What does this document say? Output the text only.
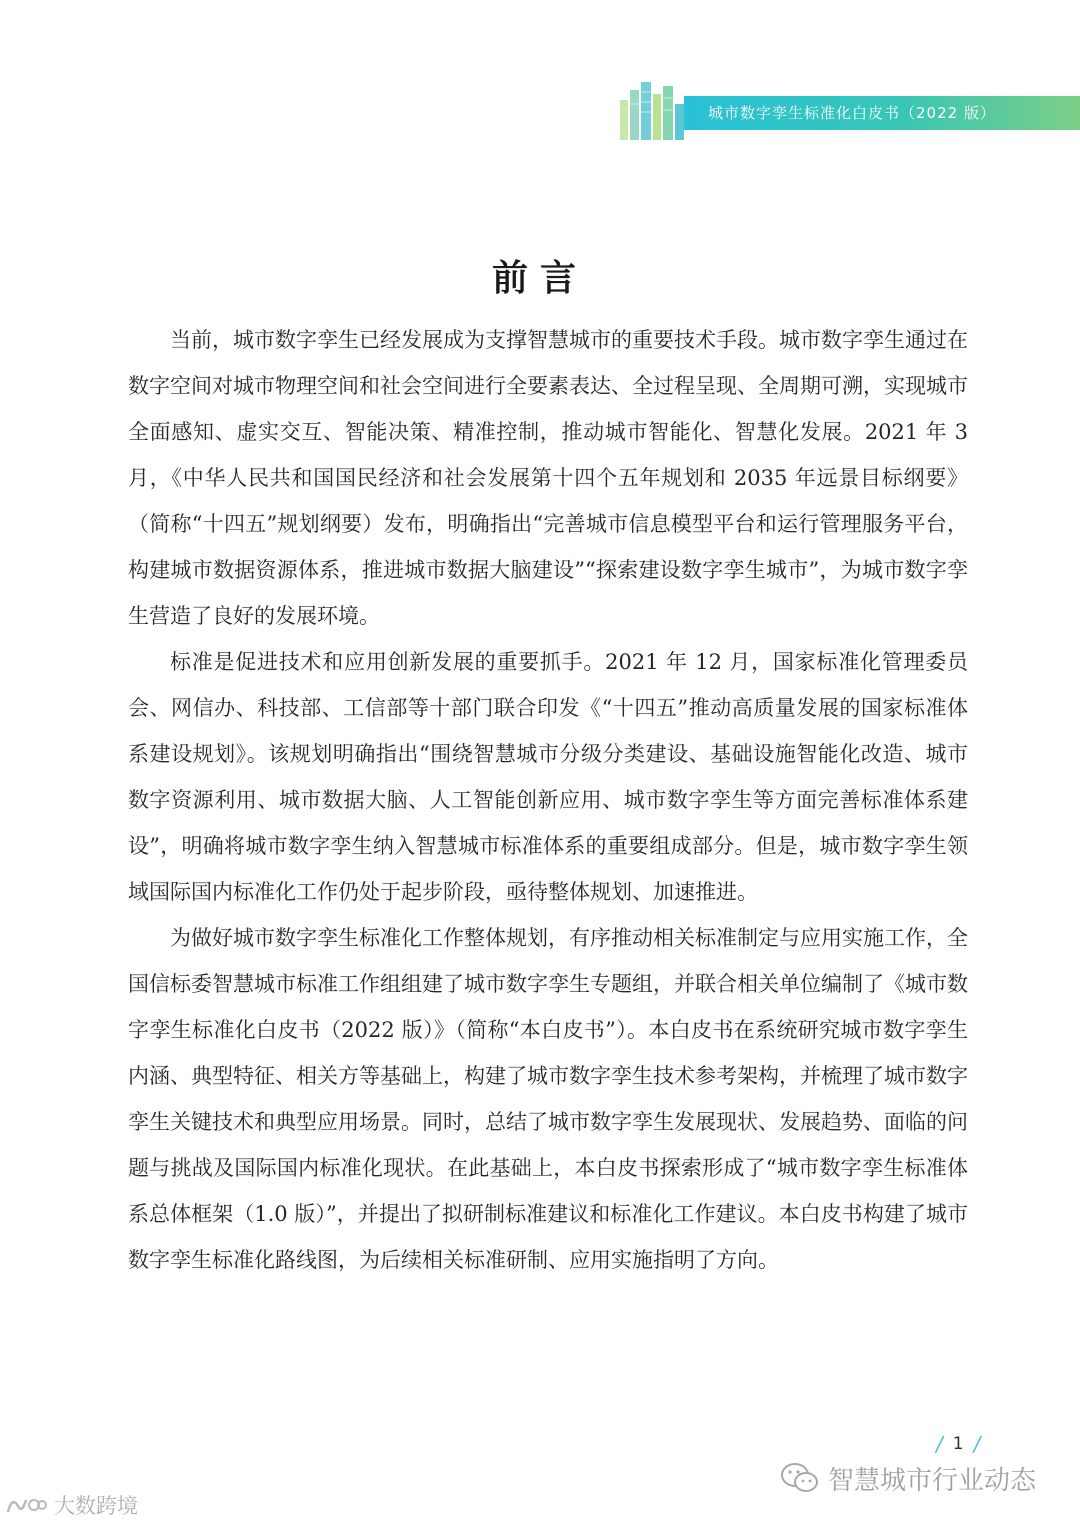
城市数字孪生标准化白皮书（2022 版）
前言

当前，城市数字孪生已经发展成为支撑智慧城市的重要技术手段。城市数字孪生通过在数字空间对城市物理空间和社会空间进行全要素表达、全过程呈现、全周期可溯，实现城市全面感知、虚实交互、智能决策、精准控制，推动城市智能化、智慧化发展。2021 年 3 月，《中华人民共和国国民经济和社会发展第十四个五年规划和 2035 年远景目标纲要》（简称“十四五”规划纲要）发布，明确指出“完善城市信息模型平台和运行管理服务平台，构建城市数据资源体系，推进城市数据大脑建设”“探索建设数字孪生城市”，为城市数字孪生营造了良好的发展环境。

标准是促进技术和应用创新发展的重要抓手。2021 年 12 月，国家标准化管理委员会、网信办、科技部、工信部等十部门联合印发《“十四五”推动高质量发展的国家标准体系建设规划》。该规划明确指出“围绕智慧城市分级分类建设、基础设施智能化改造、城市数字资源利用、城市数据大脑、人工智能创新应用、城市数字孪生等方面完善标准体系建设”，明确将城市数字孪生纳入智慧城市标准体系的重要组成部分。但是，城市数字孪生领域国际国内标准化工作仍处于起步阶段，亟待整体规划、加速推进。

为做好城市数字孪生标准化工作整体规划，有序推动相关标准制定与应用实施工作，全国信标委智慧城市标准工作组组建了城市数字孪生专题组，并联合相关单位编制了《城市数字孪生标准化白皮书（2022 版）》（简称“本白皮书”）。本白皮书在系统研究城市数字孪生内涵、典型特征、相关方等基础上，构建了城市数字孪生技术参考架构，并梳理了城市数字孪生关键技术和典型应用场景。同时，总结了城市数字孪生发展现状、发展趋势、面临的问题与挑战及国际国内标准化现状。在此基础上，本白皮书探索形成了“城市数字孪生标准体系总体框架（1.0 版）”，并提出了拟研制标准建议和标准化工作建议。本白皮书构建了城市数字孪生标准化路线图，为后续相关标准研制、应用实施指明了方向。

/ 1 /
智慧城市行业动态
大数跨境
